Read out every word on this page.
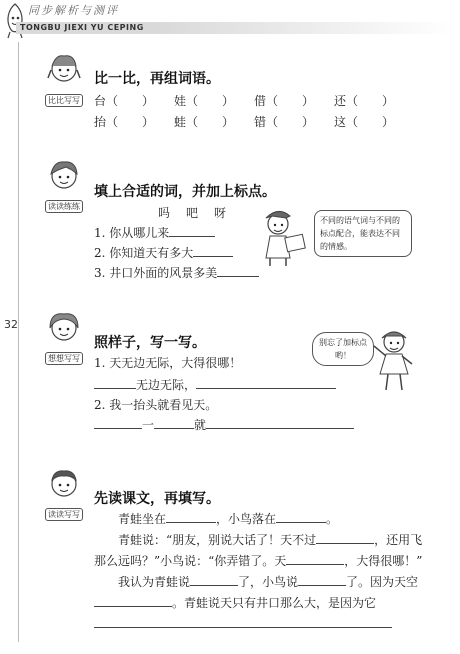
同步解析与测评
TONGBU JIEXI YU CEPING
32
比比写写
比一比，再组词语。
台（　　） 娃（　　） 借（　　） 还（　　）
抬（　　） 蛙（　　） 错（　　） 这（　　）
读读练练
填上合适的词，并加上标点。
吗　吧　呀
1. 你从哪儿来
2. 你知道天有多大
3. 井口外面的风景多美
不同的语气词与不同的标点配合，能表达不同的情感。
想想写写
照样子，写一写。
1. 天无边无际，大得很哪！
无边无际，
2. 我一抬头就看见天。
一	就
别忘了加标点哟！
读读写写
先读课文，再填写。
青蛙坐在	，小鸟落在	。
青蛙说：“朋友，别说大话了！天不过	，还用飞
那么远吗？”小鸟说：“你弄错了。天	，大得很哪！”
我认为青蛙说	了，小鸟说	了。因为天空
。青蛙说天只有井口那么大，是因为它
